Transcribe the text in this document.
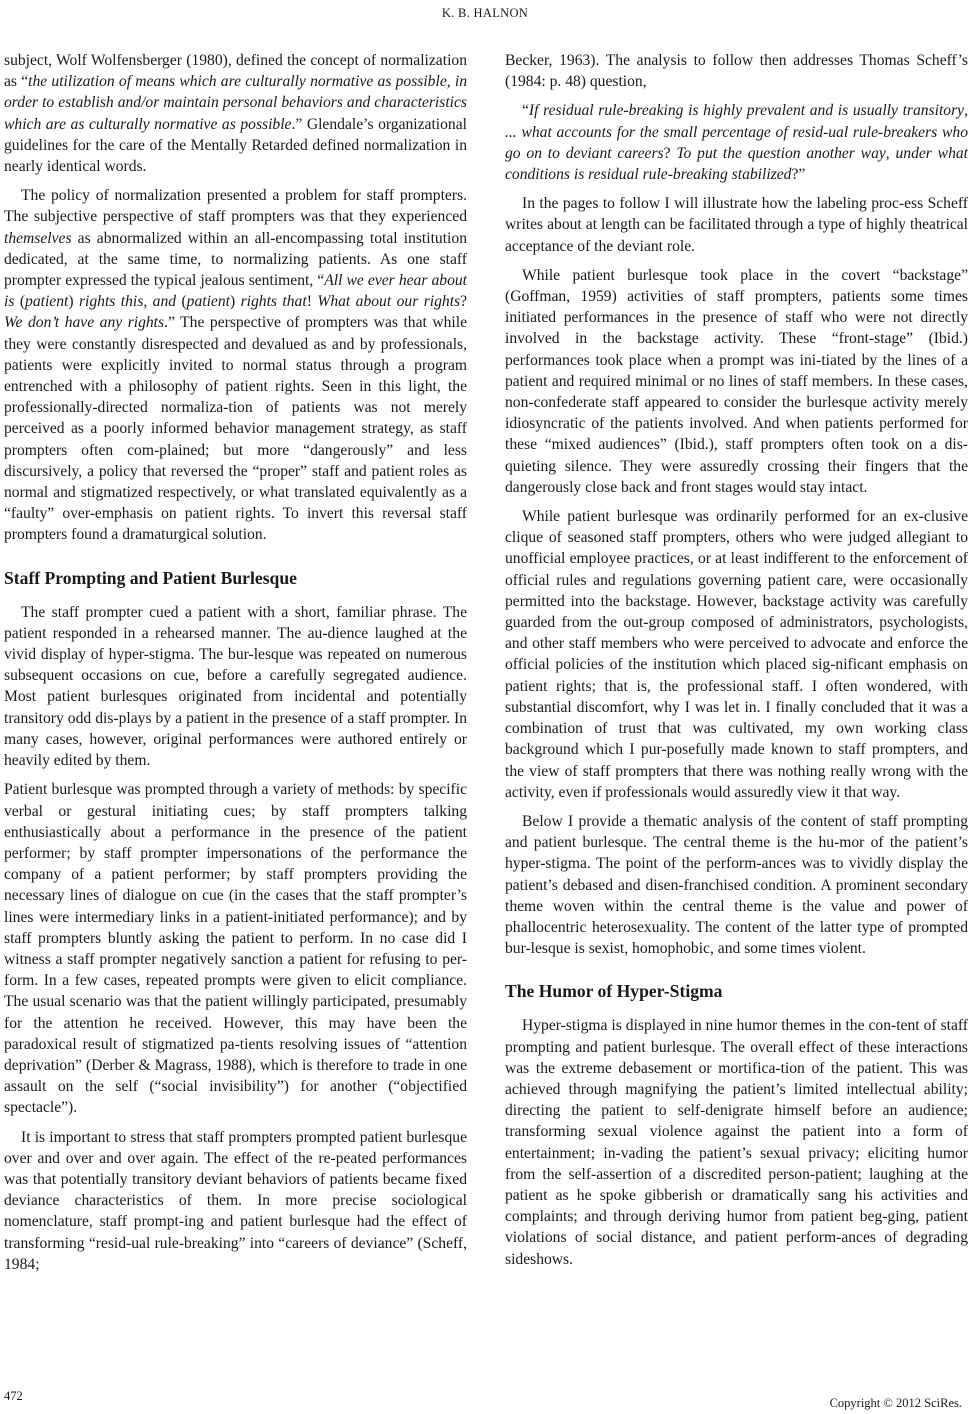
K. B. HALNON

subject, Wolf Wolfensberger (1980), defined the concept of normalization as “the utilization of means which are culturally normative as possible, in order to establish and/or maintain personal behaviors and characteristics which are as culturally normative as possible.” Glendale’s organizational guidelines for the care of the Mentally Retarded defined normalization in nearly identical words.

The policy of normalization presented a problem for staff prompters. The subjective perspective of staff prompters was that they experienced themselves as abnormalized within an all-encompassing total institution dedicated, at the same time, to normalizing patients. As one staff prompter expressed the typical jealous sentiment, “All we ever hear about is (patient) rights this, and (patient) rights that! What about our rights? We don’t have any rights.” The perspective of prompters was that while they were constantly disrespected and devalued as and by professionals, patients were explicitly invited to normal status through a program entrenched with a philosophy of patient rights. Seen in this light, the professionally-directed normaliza-tion of patients was not merely perceived as a poorly informed behavior management strategy, as staff prompters often com-plained; but more “dangerously” and less discursively, a policy that reversed the “proper” staff and patient roles as normal and stigmatized respectively, or what translated equivalently as a “faulty” over-emphasis on patient rights. To invert this reversal staff prompters found a dramaturgical solution.

Staff Prompting and Patient Burlesque

The staff prompter cued a patient with a short, familiar phrase. The patient responded in a rehearsed manner. The au-dience laughed at the vivid display of hyper-stigma. The bur-lesque was repeated on numerous subsequent occasions on cue, before a carefully segregated audience. Most patient burlesques originated from incidental and potentially transitory odd dis-plays by a patient in the presence of a staff prompter. In many cases, however, original performances were authored entirely or heavily edited by them.

Patient burlesque was prompted through a variety of methods: by specific verbal or gestural initiating cues; by staff prompters talking enthusiastically about a performance in the presence of the patient performer; by staff prompter impersonations of the performance the company of a patient performer; by staff prompters providing the necessary lines of dialogue on cue (in the cases that the staff prompter’s lines were intermediary links in a patient-initiated performance); and by staff prompters bluntly asking the patient to perform. In no case did I witness a staff prompter negatively sanction a patient for refusing to per-form. In a few cases, repeated prompts were given to elicit compliance. The usual scenario was that the patient willingly participated, presumably for the attention he received. However, this may have been the paradoxical result of stigmatized pa-tients resolving issues of “attention deprivation” (Derber & Magrass, 1988), which is therefore to trade in one assault on the self (“social invisibility”) for another (“objectified spectacle”).

It is important to stress that staff prompters prompted patient burlesque over and over and over again. The effect of the re-peated performances was that potentially transitory deviant behaviors of patients became fixed deviance characteristics of them. In more precise sociological nomenclature, staff prompt-ing and patient burlesque had the effect of transforming “resid-ual rule-breaking” into “careers of deviance” (Scheff, 1984;

Becker, 1963). The analysis to follow then addresses Thomas Scheff’s (1984: p. 48) question,

“If residual rule-breaking is highly prevalent and is usually transitory, ... what accounts for the small percentage of resid-ual rule-breakers who go on to deviant careers? To put the question another way, under what conditions is residual rule-breaking stabilized?”

In the pages to follow I will illustrate how the labeling proc-ess Scheff writes about at length can be facilitated through a type of highly theatrical acceptance of the deviant role.

While patient burlesque took place in the covert “backstage” (Goffman, 1959) activities of staff prompters, patients some times initiated performances in the presence of staff who were not directly involved in the backstage activity. These “front-stage” (Ibid.) performances took place when a prompt was ini-tiated by the lines of a patient and required minimal or no lines of staff members. In these cases, non-confederate staff appeared to consider the burlesque activity merely idiosyncratic of the patients involved. And when patients performed for these “mixed audiences” (Ibid.), staff prompters often took on a dis-quieting silence. They were assuredly crossing their fingers that the dangerously close back and front stages would stay intact.

While patient burlesque was ordinarily performed for an ex-clusive clique of seasoned staff prompters, others who were judged allegiant to unofficial employee practices, or at least indifferent to the enforcement of official rules and regulations governing patient care, were occasionally permitted into the backstage. However, backstage activity was carefully guarded from the out-group composed of administrators, psychologists, and other staff members who were perceived to advocate and enforce the official policies of the institution which placed sig-nificant emphasis on patient rights; that is, the professional staff. I often wondered, with substantial discomfort, why I was let in. I finally concluded that it was a combination of trust that was cultivated, my own working class background which I pur-posefully made known to staff prompters, and the view of staff prompters that there was nothing really wrong with the activity, even if professionals would assuredly view it that way.

Below I provide a thematic analysis of the content of staff prompting and patient burlesque. The central theme is the hu-mor of the patient’s hyper-stigma. The point of the perform-ances was to vividly display the patient’s debased and disen-franchised condition. A prominent secondary theme woven within the central theme is the value and power of phallocentric heterosexuality. The content of the latter type of prompted bur-lesque is sexist, homophobic, and some times violent.

The Humor of Hyper-Stigma

Hyper-stigma is displayed in nine humor themes in the con-tent of staff prompting and patient burlesque. The overall effect of these interactions was the extreme debasement or mortifica-tion of the patient. This was achieved through magnifying the patient’s limited intellectual ability; directing the patient to self-denigrate himself before an audience; transforming sexual violence against the patient into a form of entertainment; in-vading the patient’s sexual privacy; eliciting humor from the self-assertion of a discredited person-patient; laughing at the patient as he spoke gibberish or dramatically sang his activities and complaints; and through deriving humor from patient beg-ging, patient violations of social distance, and patient perform-ances of degrading sideshows.

472	Copyright © 2012 SciRes.
